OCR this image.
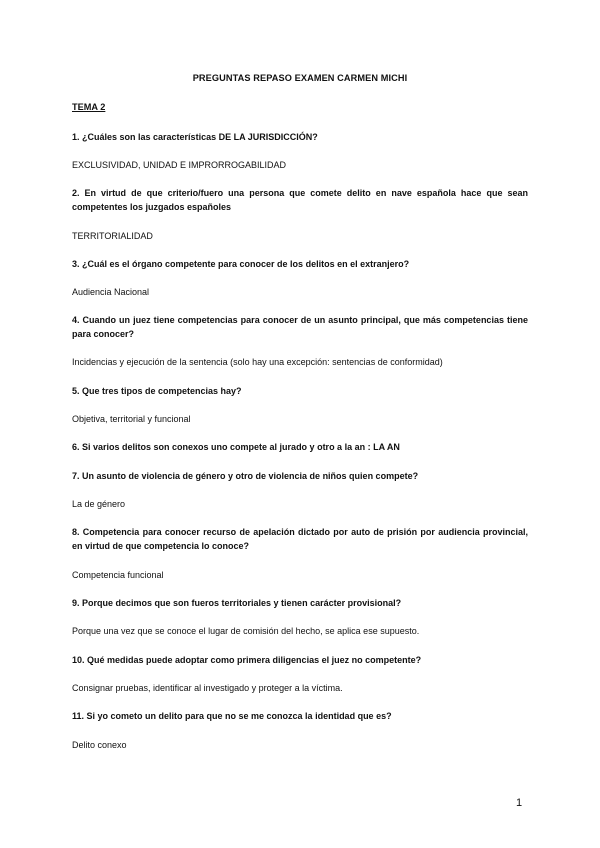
PREGUNTAS REPASO EXAMEN CARMEN MICHI
TEMA 2
1. ¿Cuáles son las características DE LA JURISDICCIÓN?
EXCLUSIVIDAD, UNIDAD E IMPRORROGABILIDAD
2. En virtud de que criterio/fuero una persona que comete delito en nave española hace que sean competentes los juzgados españoles
TERRITORIALIDAD
3. ¿Cuál es el órgano competente para conocer de los delitos en el extranjero?
Audiencia Nacional
4. Cuando un juez tiene competencias para conocer de un asunto principal, que más competencias tiene para conocer?
Incidencias y ejecución de la sentencia (solo hay una excepción: sentencias de conformidad)
5. Que tres tipos de competencias hay?
Objetiva, territorial y funcional
6. Si varios delitos son conexos uno compete al jurado y otro a la an : LA AN
7. Un asunto de violencia de género y otro de violencia de niños quien compete?
La de género
8. Competencia para conocer recurso de apelación dictado por auto de prisión por audiencia provincial, en virtud de que competencia lo conoce?
Competencia funcional
9. Porque decimos que son fueros territoriales y tienen carácter provisional?
Porque una vez que se conoce el lugar de comisión del hecho, se aplica ese supuesto.
10. Qué medidas puede adoptar como primera diligencias el juez no competente?
Consignar pruebas, identificar al investigado y proteger a la víctima.
11. Si yo cometo un delito para que no se me conozca la identidad que es?
Delito conexo
1
